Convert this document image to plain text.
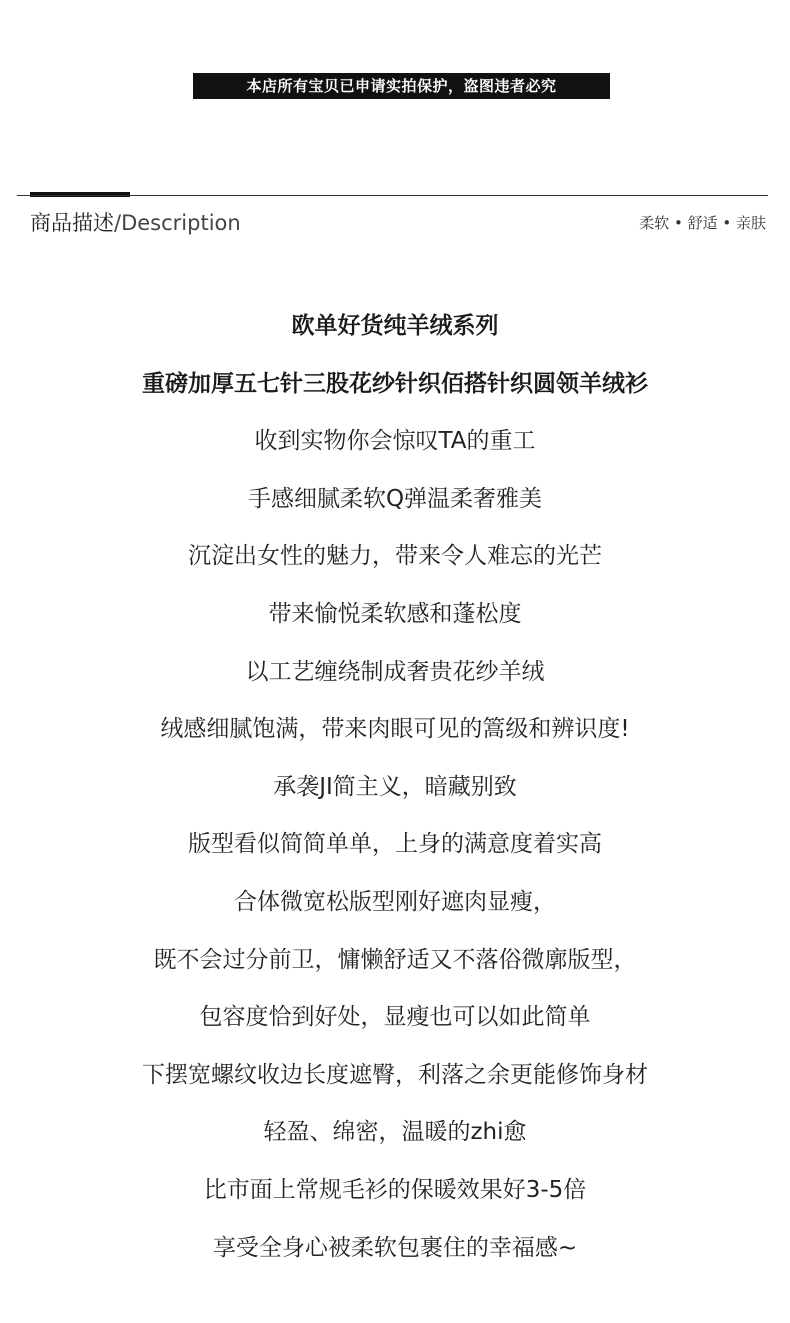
本店所有宝贝已申请实拍保护，盗图违者必究
商品描述/Description	柔软 • 舒适 • 亲肤
欧单好货纯羊绒系列
重磅加厚五七针三股花纱针织佰搭针织圆领羊绒衫
收到实物你会惊叹TA的重工
手感细腻柔软Q弹温柔奢雅美
沉淀出女性的魅力，带来令人难忘的光芒
带来愉悦柔软感和蓬松度
以工艺缠绕制成奢贵花纱羊绒
绒感细腻饱满，带来肉眼可见的篙级和辨识度!
承袭JI简主义，暗藏别致
版型看似简简单单，上身的满意度着实高
合体微宽松版型刚好遮肉显瘦，
既不会过分前卫，慵懒舒适又不落俗微廓版型，
包容度恰到好处，显瘦也可以如此简单
下摆宽螺纹收边长度遮臀，利落之余更能修饰身材
轻盈、绵密，温暖的zhi愈
比市面上常规毛衫的保暖效果好3-5倍
享受全身心被柔软包裹住的幸福感~
